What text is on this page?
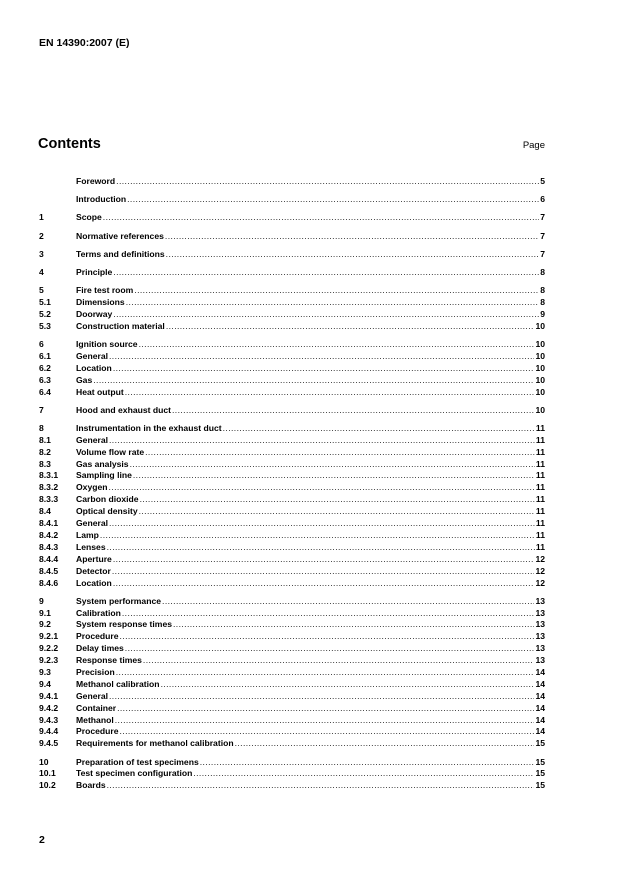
EN 14390:2007 (E)

Contents	Page
Foreword .....	5
Introduction .....	6
1	Scope .....	7
2	Normative references .....	7
3	Terms and definitions .....	7
4	Principle .....	8
5	Fire test room .....	8
5.1	Dimensions .....	8
5.2	Doorway .....	9
5.3	Construction material .....	10
6	Ignition source .....	10
6.1	General .....	10
6.2	Location .....	10
6.3	Gas .....	10
6.4	Heat output .....	10
7	Hood and exhaust duct .....	10
8	Instrumentation in the exhaust duct .....	11
8.1	General .....	11
8.2	Volume flow rate .....	11
8.3	Gas analysis .....	11
8.3.1	Sampling line .....	11
8.3.2	Oxygen .....	11
8.3.3	Carbon dioxide .....	11
8.4	Optical density .....	11
8.4.1	General .....	11
8.4.2	Lamp .....	11
8.4.3	Lenses .....	11
8.4.4	Aperture .....	12
8.4.5	Detector .....	12
8.4.6	Location .....	12
9	System performance .....	13
9.1	Calibration .....	13
9.2	System response times .....	13
9.2.1	Procedure .....	13
9.2.2	Delay times .....	13
9.2.3	Response times .....	13
9.3	Precision .....	14
9.4	Methanol calibration .....	14
9.4.1	General .....	14
9.4.2	Container .....	14
9.4.3	Methanol .....	14
9.4.4	Procedure .....	14
9.4.5	Requirements for methanol calibration .....	15
10	Preparation of test specimens .....	15
10.1	Test specimen configuration .....	15
10.2	Boards .....	15
2
